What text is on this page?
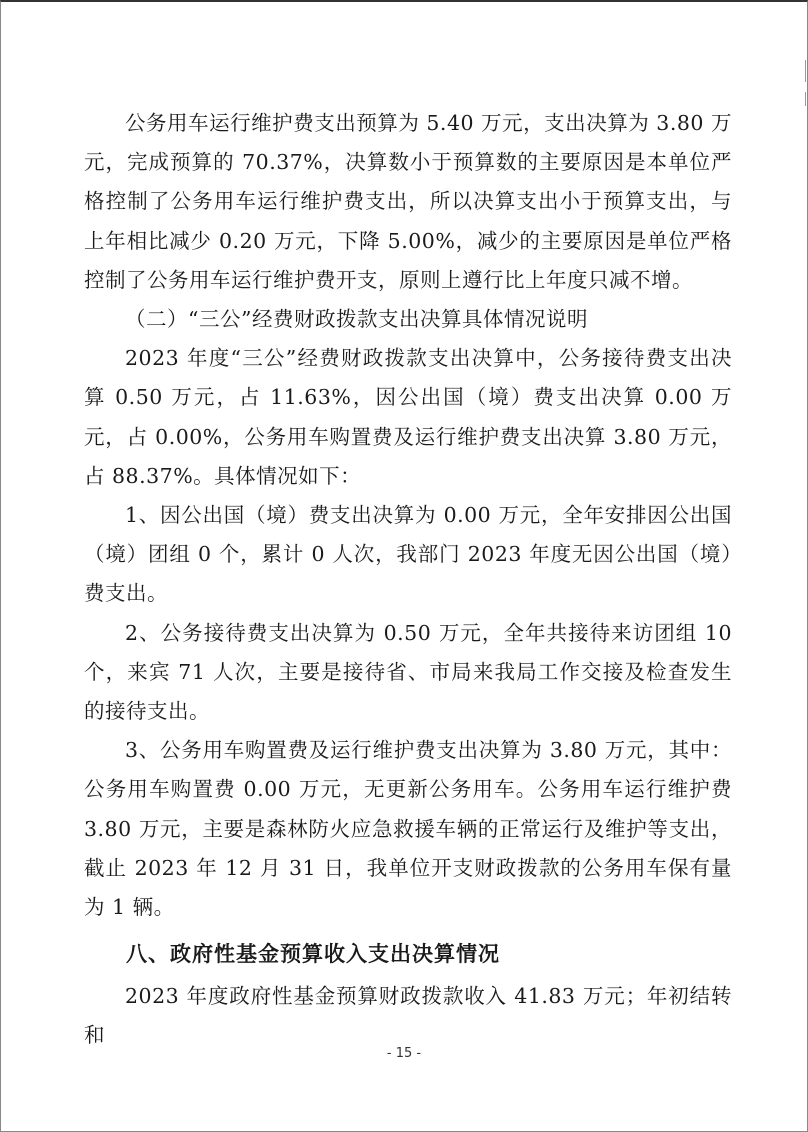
公务用车运行维护费支出预算为 5.40 万元，支出决算为 3.80 万元，完成预算的 70.37%，决算数小于预算数的主要原因是本单位严格控制了公务用车运行维护费支出，所以决算支出小于预算支出，与上年相比减少 0.20 万元，下降 5.00%，减少的主要原因是单位严格控制了公务用车运行维护费开支，原则上遵行比上年度只减不增。

（二）“三公”经费财政拨款支出决算具体情况说明

2023 年度“三公”经费财政拨款支出决算中，公务接待费支出决算 0.50 万元，占 11.63%，因公出国（境）费支出决算 0.00 万元，占 0.00%，公务用车购置费及运行维护费支出决算 3.80 万元，占 88.37%。具体情况如下：

1、因公出国（境）费支出决算为 0.00 万元，全年安排因公出国（境）团组 0 个，累计 0 人次，我部门 2023 年度无因公出国（境）费支出。

2、公务接待费支出决算为 0.50 万元，全年共接待来访团组 10 个，来宾 71 人次，主要是接待省、市局来我局工作交接及检查发生的接待支出。

3、公务用车购置费及运行维护费支出决算为 3.80 万元，其中：公务用车购置费 0.00 万元，无更新公务用车。公务用车运行维护费 3.80 万元，主要是森林防火应急救援车辆的正常运行及维护等支出，截止 2023 年 12 月 31 日，我单位开支财政拨款的公务用车保有量为 1 辆。

八、政府性基金预算收入支出决算情况

2023 年度政府性基金预算财政拨款收入 41.83 万元；年初结转和

- 15 -
